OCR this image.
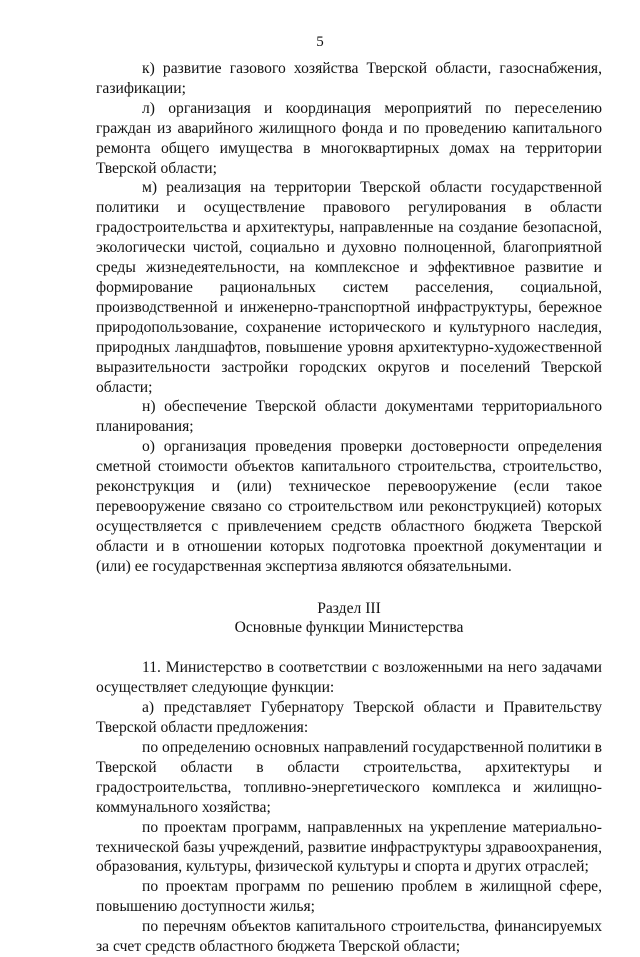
5

к) развитие газового хозяйства Тверской области, газоснабжения, газификации;

л) организация и координация мероприятий по переселению граждан из аварийного жилищного фонда и по проведению капитального ремонта общего имущества в многоквартирных домах на территории Тверской области;

м) реализация на территории Тверской области государственной политики и осуществление правового регулирования в области градостроительства и архитектуры, направленные на создание безопасной, экологически чистой, социально и духовно полноценной, благоприятной среды жизнедеятельности, на комплексное и эффективное развитие и формирование рациональных систем расселения, социальной, производственной и инженерно-транспортной инфраструктуры, бережное природопользование, сохранение исторического и культурного наследия, природных ландшафтов, повышение уровня архитектурно-художественной выразительности застройки городских округов и поселений Тверской области;

н) обеспечение Тверской области документами территориального планирования;

о) организация проведения проверки достоверности определения сметной стоимости объектов капитального строительства, строительство, реконструкция и (или) техническое перевооружение (если такое перевооружение связано со строительством или реконструкцией) которых осуществляется с привлечением средств областного бюджета Тверской области и в отношении которых подготовка проектной документации и (или) ее государственная экспертиза являются обязательными.

Раздел III

Основные функции Министерства

11. Министерство в соответствии с возложенными на него задачами осуществляет следующие функции:

а) представляет Губернатору Тверской области и Правительству Тверской области предложения:

по определению основных направлений государственной политики в Тверской области в области строительства, архитектуры и градостроительства, топливно-энергетического комплекса и жилищно-коммунального хозяйства;

по проектам программ, направленных на укрепление материально-технической базы учреждений, развитие инфраструктуры здравоохранения, образования, культуры, физической культуры и спорта и других отраслей;

по проектам программ по решению проблем в жилищной сфере, повышению доступности жилья;

по перечням объектов капитального строительства, финансируемых за счет средств областного бюджета Тверской области;
